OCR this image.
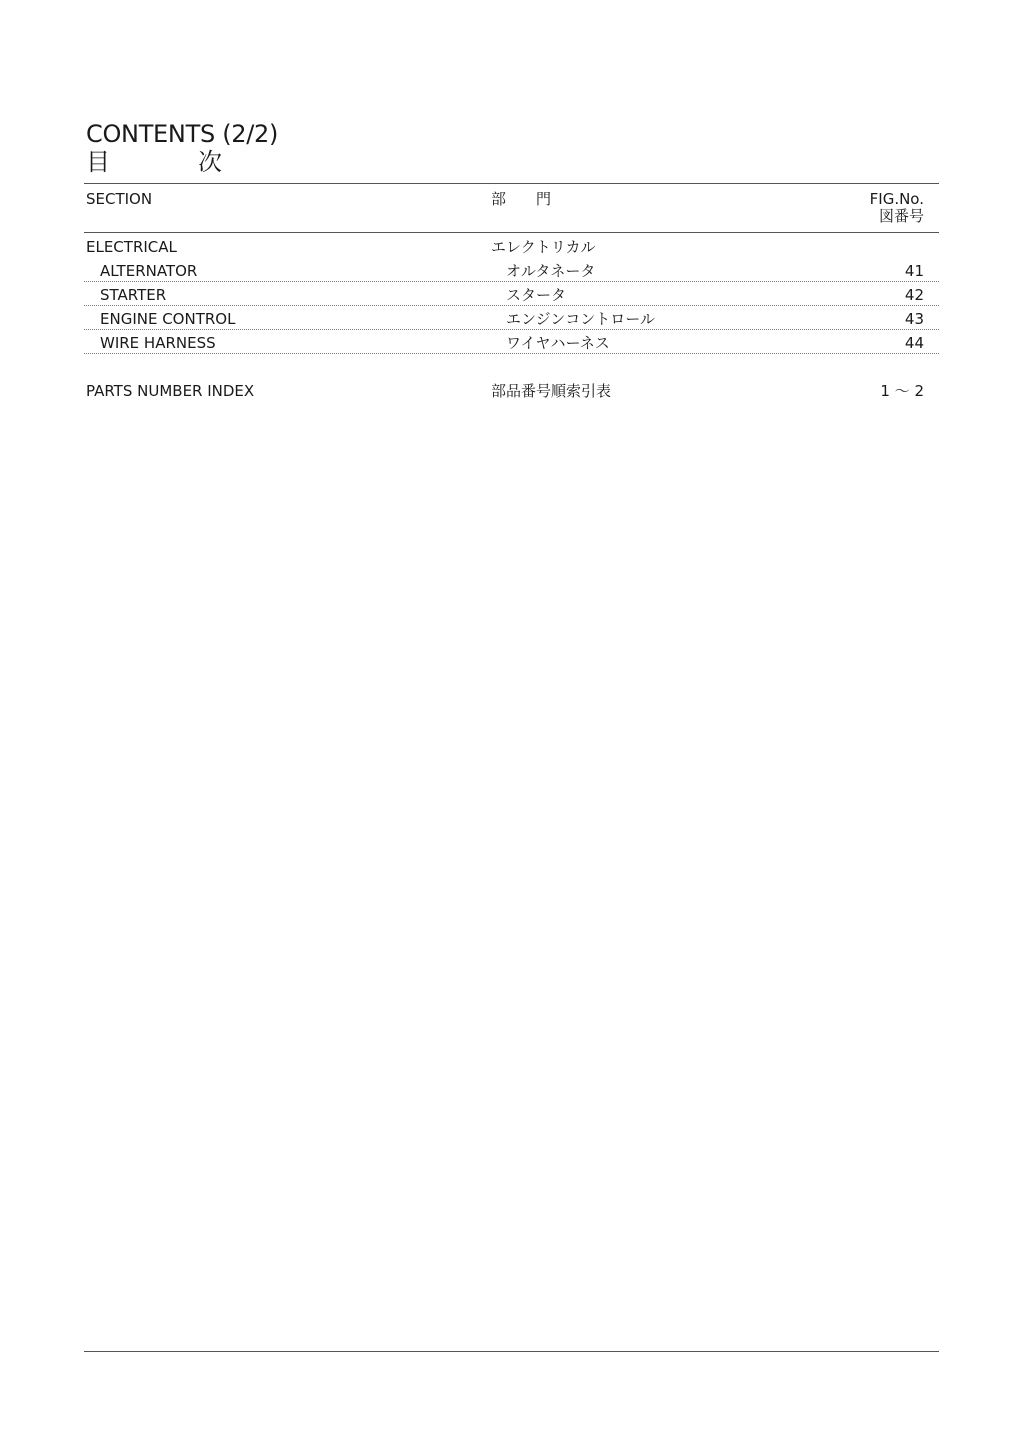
CONTENTS (2/2)
目	次
SECTION	部 門	FIG.No.
図番号
ELECTRICAL	エレクトリカル
ALTERNATOR	オルタネータ	41
STARTER	スタータ	42
ENGINE CONTROL	エンジンコントロール	43
WIRE HARNESS	ワイヤハーネス	44
PARTS NUMBER INDEX	部品番号順索引表	1 〜 2
